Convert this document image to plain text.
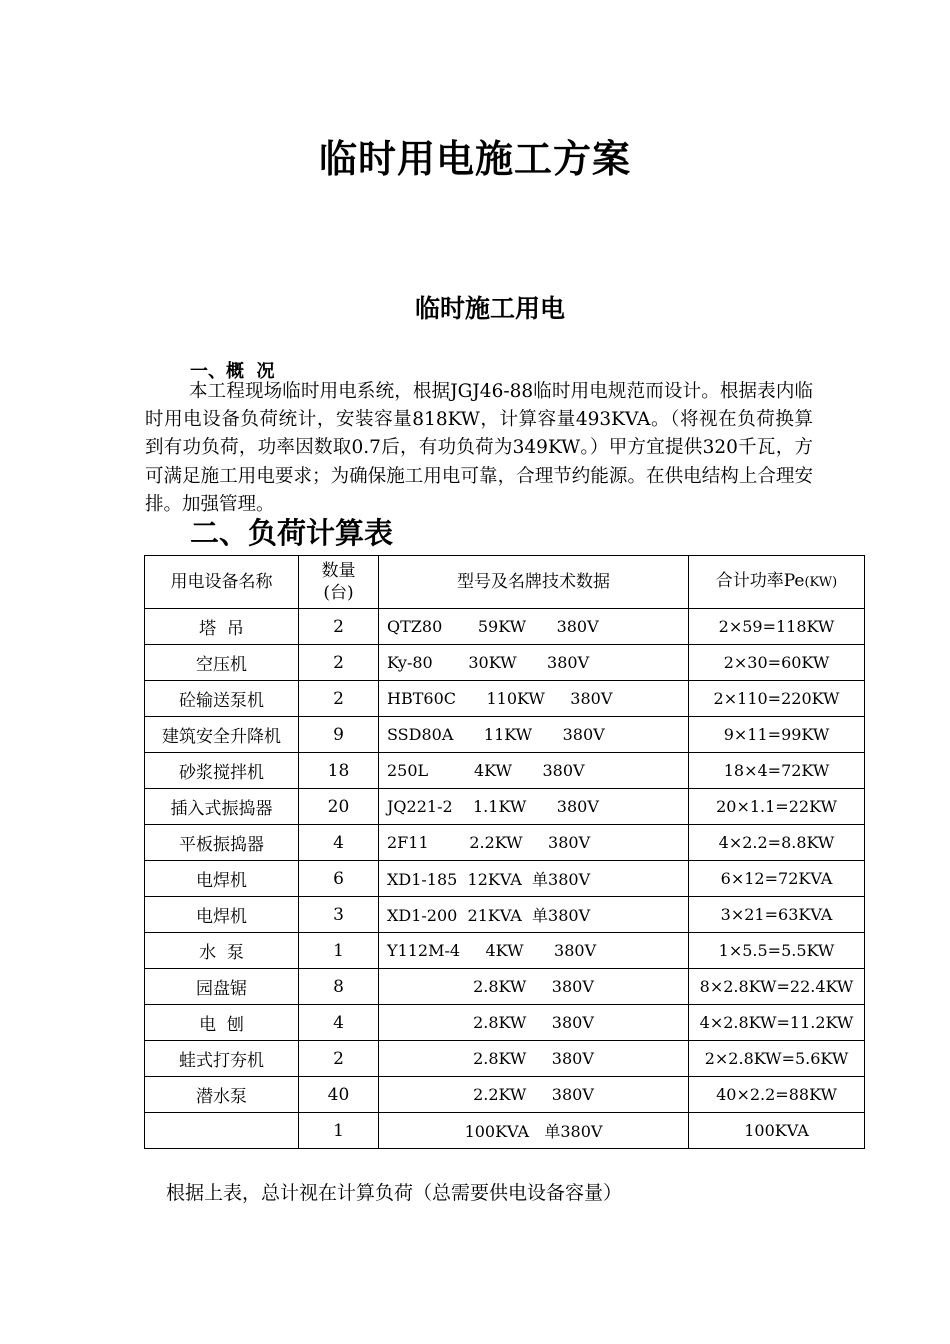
临时用电施工方案
临时施工用电
一、概  况
本工程现场临时用电系统，根据JGJ46-88临时用电规范而设计。根据表内临时用电设备负荷统计，安装容量818KW，计算容量493KVA。（将视在负荷换算到有功负荷，功率因数取0.7后，有功负荷为349KW。）甲方宜提供320千瓦，方可满足施工用电要求；为确保施工用电可靠，合理节约能源。在供电结构上合理安排。加强管理。
二、负荷计算表
用电设备名称	数量(台)	型号及名牌技术数据	合计功率Pe(KW)
塔  吊	2	QTZ80       59KW      380V	2×59=118KW
空压机	2	Ky-80       30KW      380V	2×30=60KW
砼输送泵机	2	HBT60C      110KW     380V	2×110=220KW
建筑安全升降机	9	SSD80A      11KW      380V	9×11=99KW
砂浆搅拌机	18	250L         4KW      380V	18×4=72KW
插入式振捣器	20	JQ221-2    1.1KW      380V	20×1.1=22KW
平板振捣器	4	2F11        2.2KW     380V	4×2.2=8.8KW
电焊机	6	XD1-185  12KVA  单380V	6×12=72KVA
电焊机	3	XD1-200  21KVA  单380V	3×21=63KVA
水  泵	1	Y112M-4     4KW      380V	1×5.5=5.5KW
园盘锯	8	2.8KW     380V	8×2.8KW=22.4KW
电  刨	4	2.8KW     380V	4×2.8KW=11.2KW
蛙式打夯机	2	2.8KW     380V	2×2.8KW=5.6KW
潜水泵	40	2.2KW     380V	40×2.2=88KW
	1	100KVA   单380V	100KVA
根据上表，总计视在计算负荷（总需要供电设备容量）
